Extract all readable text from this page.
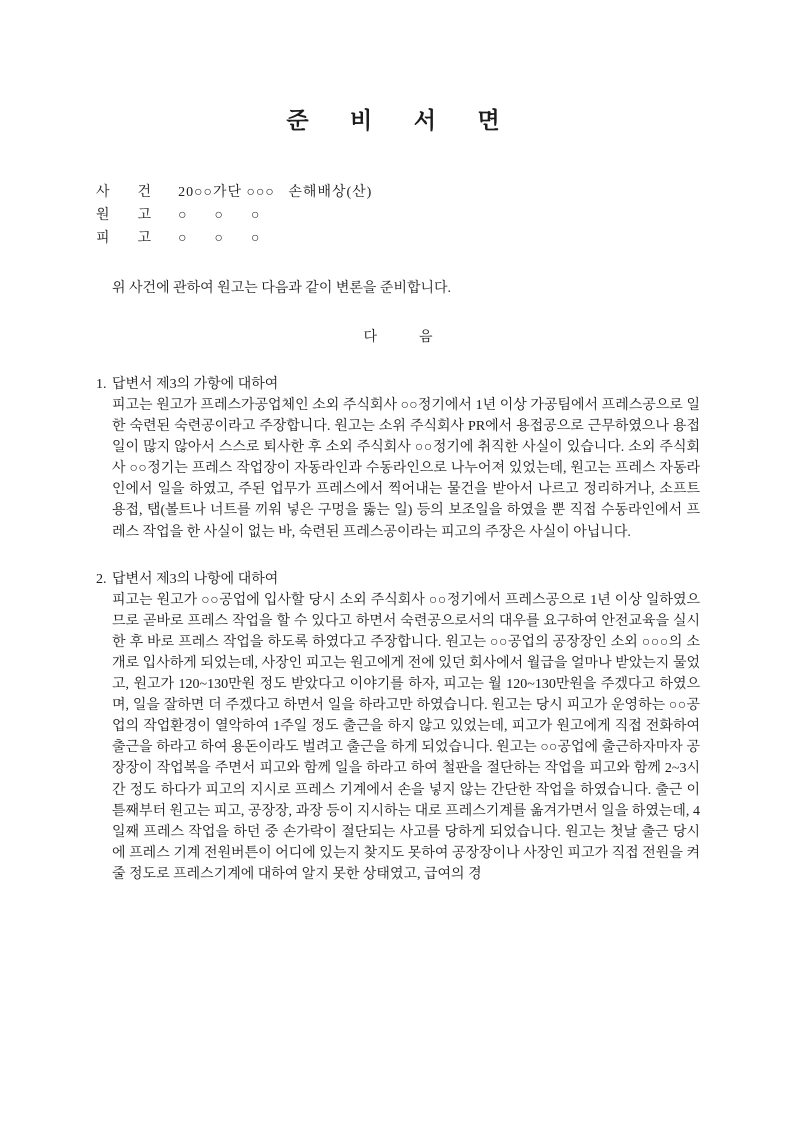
준  비  서  면
사      건 20○○가단 ○○○   손해배상(산)
원      고 ○      ○      ○
피      고 ○      ○      ○
위 사건에 관하여 원고는 다음과 같이 변론을 준비합니다.
다            음
1. 답변서 제3의 가항에 대하여
피고는 원고가 프레스가공업체인 소외 주식회사 ○○정기에서 1년 이상 가공팀에서 프레스공으로 일한 숙련된 숙련공이라고 주장합니다. 원고는 소위 주식회사 PR에서 용접공으로 근무하였으나 용접일이 많지 않아서 스스로 퇴사한 후 소외 주식회사 ○○정기에 취직한 사실이 있습니다. 소외 주식회사 ○○정기는 프레스 작업장이 자동라인과 수동라인으로 나누어져 있었는데, 원고는 프레스 자동라인에서 일을 하였고, 주된 업무가 프레스에서 찍어내는 물건을 받아서 나르고 정리하거나, 소프트 용접, 탭(볼트나 너트를 끼워 넣은 구멍을 뚫는 일) 등의 보조일을 하였을 뿐 직접 수동라인에서 프레스 작업을 한 사실이 없는 바, 숙련된 프레스공이라는 피고의 주장은 사실이 아닙니다.
2. 답변서 제3의 나항에 대하여
피고는 원고가 ○○공업에 입사할 당시 소외 주식회사 ○○정기에서 프레스공으로 1년 이상 일하였으므로 곧바로 프레스 작업을 할 수 있다고 하면서 숙련공으로서의 대우를 요구하여 안전교육을 실시한 후 바로 프레스 작업을 하도록 하였다고 주장합니다. 원고는 ○○공업의 공장장인 소외 ○○○의 소개로 입사하게 되었는데, 사장인 피고는 원고에게 전에 있던 회사에서 월급을 얼마나 받았는지 물었고, 원고가 120~130만원 정도 받았다고 이야기를 하자, 피고는 월 120~130만원을 주겠다고 하였으며, 일을 잘하면 더 주겠다고 하면서 일을 하라고만 하였습니다. 원고는 당시 피고가 운영하는 ○○공업의 작업환경이 열악하여 1주일 정도 출근을 하지 않고 있었는데, 피고가 원고에게 직접 전화하여 출근을 하라고 하여 용돈이라도 벌려고 출근을 하게 되었습니다. 원고는 ○○공업에 출근하자마자 공장장이 작업복을 주면서 피고와 함께 일을 하라고 하여 철판을 절단하는 작업을 피고와 함께 2~3시간 정도 하다가 피고의 지시로 프레스 기계에서 손을 넣지 않는 간단한 작업을 하였습니다. 출근 이튿째부터 원고는 피고, 공장장, 과장 등이 지시하는 대로 프레스기계를 옮겨가면서 일을 하였는데, 4일째 프레스 작업을 하던 중 손가락이 절단되는 사고를 당하게 되었습니다. 원고는 첫날 출근 당시에 프레스 기계 전원버튼이 어디에 있는지 찾지도 못하여 공장장이나 사장인 피고가 직접 전원을 켜줄 정도로 프레스기계에 대하여 알지 못한 상태였고, 급여의 경
